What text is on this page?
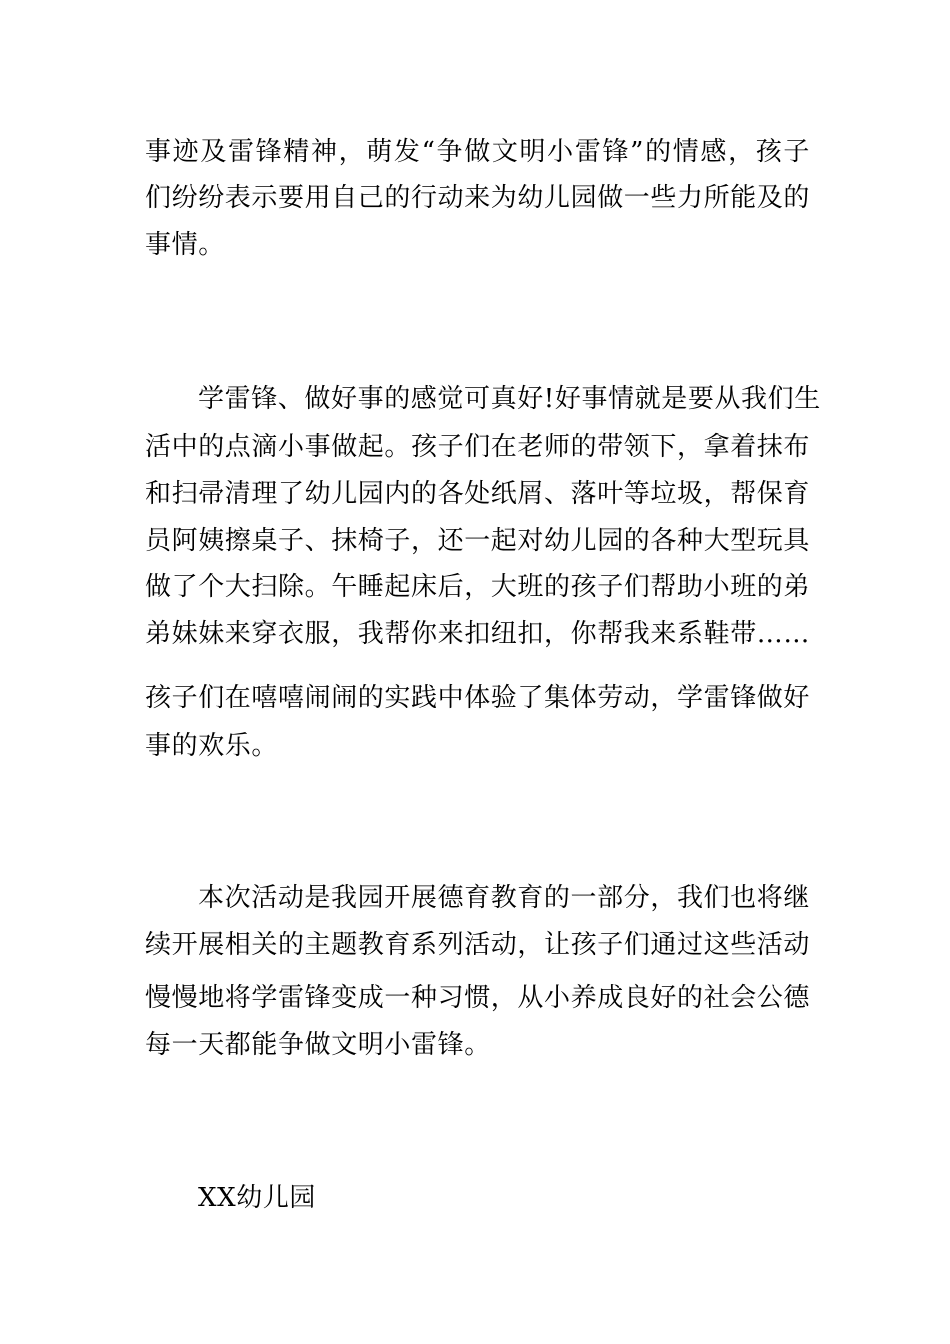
事迹及雷锋精神，萌发“争做文明小雷锋”的情感，孩子
们纷纷表示要用自己的行动来为幼儿园做一些力所能及的
事情。
学雷锋、做好事的感觉可真好!好事情就是要从我们生
活中的点滴小事做起。孩子们在老师的带领下，拿着抹布
和扫帚清理了幼儿园内的各处纸屑、落叶等垃圾，帮保育
员阿姨擦桌子、抹椅子，还一起对幼儿园的各种大型玩具
做了个大扫除。午睡起床后，大班的孩子们帮助小班的弟
弟妹妹来穿衣服，我帮你来扣纽扣，你帮我来系鞋带……
孩子们在嘻嘻闹闹的实践中体验了集体劳动，学雷锋做好
事的欢乐。
本次活动是我园开展德育教育的一部分，我们也将继
续开展相关的主题教育系列活动，让孩子们通过这些活动
慢慢地将学雷锋变成一种习惯，从小养成良好的社会公德
每一天都能争做文明小雷锋。
XX幼儿园
